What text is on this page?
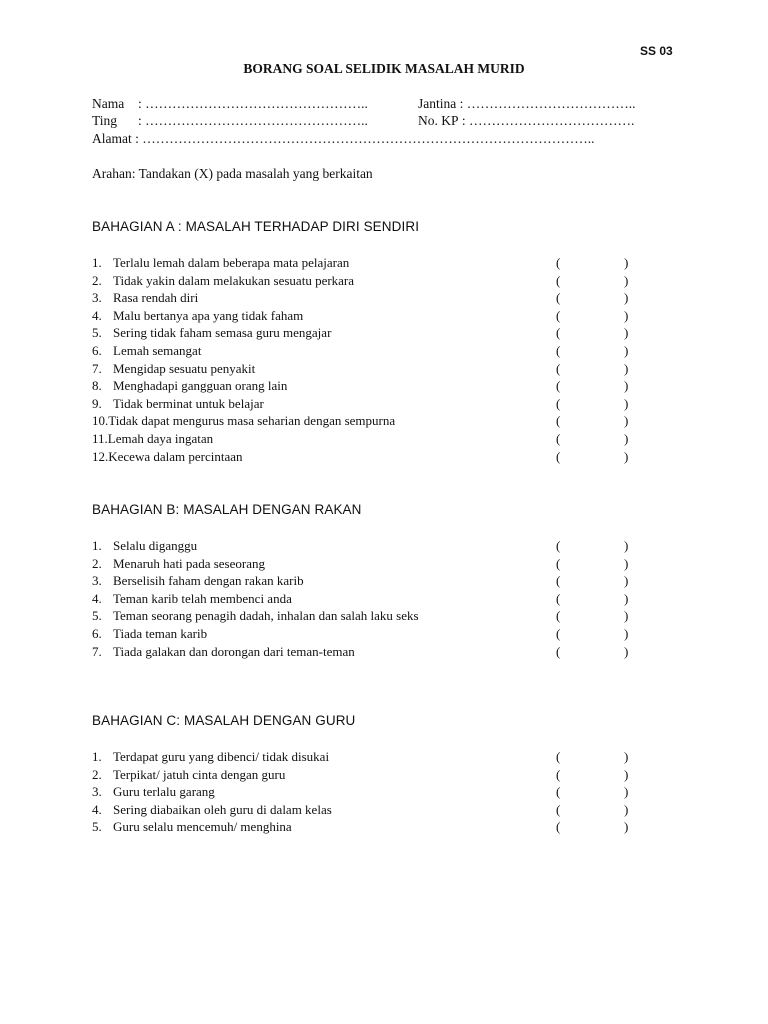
SS 03
BORANG SOAL SELIDIK MASALAH MURID
Nama : …………………………………………..	Jantina : ………………………………..
Ting : …………………………………………..	No. KP : ……………………………….
Alamat : ………………………………………………………………………………………..
Arahan: Tandakan (X) pada masalah yang berkaitan
BAHAGIAN A : MASALAH TERHADAP DIRI SENDIRI
1. Terlalu lemah dalam beberapa mata pelajaran	(	)
2. Tidak yakin dalam melakukan sesuatu perkara	(	)
3. Rasa rendah diri	(	)
4. Malu bertanya apa yang tidak faham	(	)
5. Sering tidak faham semasa guru mengajar	(	)
6. Lemah semangat	(	)
7. Mengidap sesuatu penyakit	(	)
8. Menghadapi gangguan orang lain	(	)
9. Tidak berminat untuk belajar	(	)
10.Tidak dapat mengurus masa seharian dengan sempurna	(	)
11.Lemah daya ingatan	(	)
12.Kecewa dalam percintaan	(	)
BAHAGIAN B: MASALAH DENGAN RAKAN
1. Selalu diganggu	(	)
2. Menaruh hati pada seseorang	(	)
3. Berselisih faham dengan rakan karib	(	)
4. Teman karib telah membenci anda	(	)
5. Teman seorang penagih dadah, inhalan dan salah laku seks	(	)
6. Tiada teman karib	(	)
7. Tiada galakan dan dorongan dari teman-teman	(	)
BAHAGIAN C: MASALAH DENGAN GURU
1. Terdapat guru yang dibenci/ tidak disukai	(	)
2. Terpikat/ jatuh cinta dengan guru	(	)
3. Guru terlalu garang	(	)
4. Sering diabaikan oleh guru di dalam kelas	(	)
5. Guru selalu mencemuh/ menghina	(	)
